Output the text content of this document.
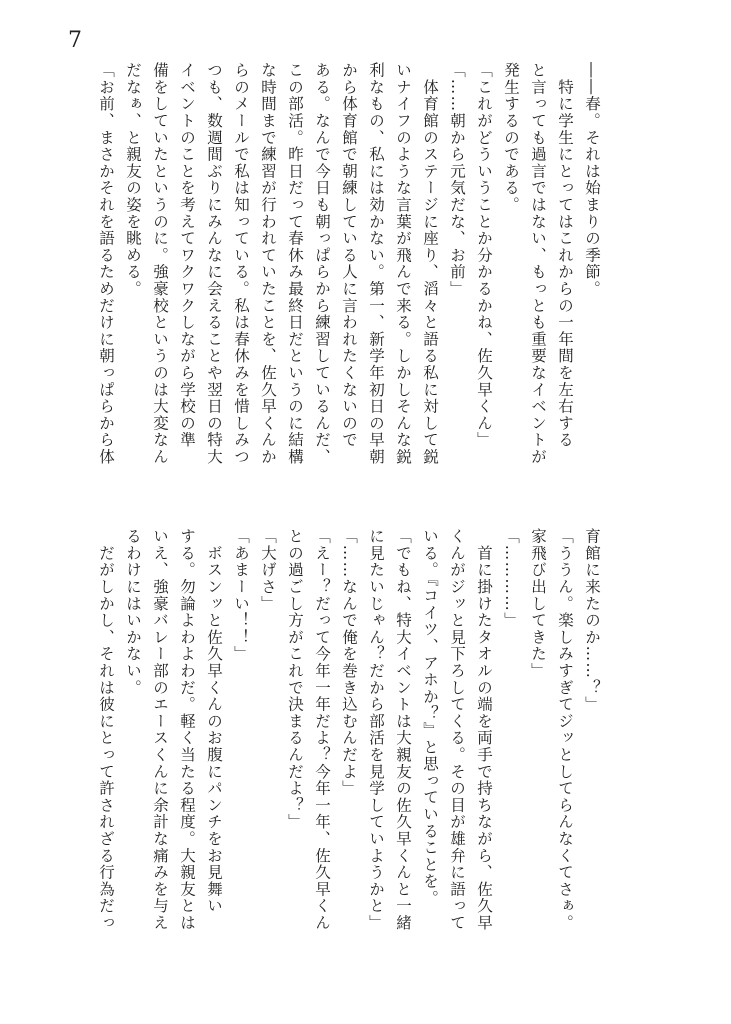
7
――春。それは始まりの季節。
　特に学生にとってはこれからの一年間を左右する
と言っても過言ではない、もっとも重要なイベントが
発生するのである。
「これがどういうことか分かるかね、佐久早くん」
「……朝から元気だな、お前」
　体育館のステージに座り、滔々と語る私に対して鋭
いナイフのような言葉が飛んで来る。しかしそんな鋭
利なもの、私には効かない。第一、新学年初日の早朝
から体育館で朝練している人に言われたくないので
ある。なんで今日も朝っぱらから練習しているんだ、
この部活。昨日だって春休み最終日だというのに結構
な時間まで練習が行われていたことを、佐久早くんか
らのメールで私は知っている。私は春休みを惜しみつ
つも、数週間ぶりにみんなに会えることや翌日の特大
イベントのことを考えてワクワクしながら学校の準
備をしていたというのに。強豪校というのは大変なん
だなぁ、と親友の姿を眺める。
「お前、まさかそれを語るためだけに朝っぱらから体
育館に来たのか……？」
「ううん。楽しみすぎてジッとしてらんなくてさぁ。
家飛び出してきた」
「…………」
　首に掛けたタオルの端を両手で持ちながら、佐久早
くんがジッと見下ろしてくる。その目が雄弁に語って
いる。『コイツ、アホか？』と思っていることを。
「でもね、特大イベントは大親友の佐久早くんと一緒
に見たいじゃん？だから部活を見学していようかと」
「……なんで俺を巻き込むんだよ」
「えー？だって今年一年だよ？今年一年、佐久早くん
との過ごし方がこれで決まるんだよ？」
「大げさ」
「あまーい！！」
　ボスンッと佐久早くんのお腹にパンチをお見舞い
する。勿論よわよわだ。軽く当たる程度。大親友とは
いえ、強豪バレー部のエースくんに余計な痛みを与え
るわけにはいかない。
　だがしかし、それは彼にとって許されざる行為だっ
